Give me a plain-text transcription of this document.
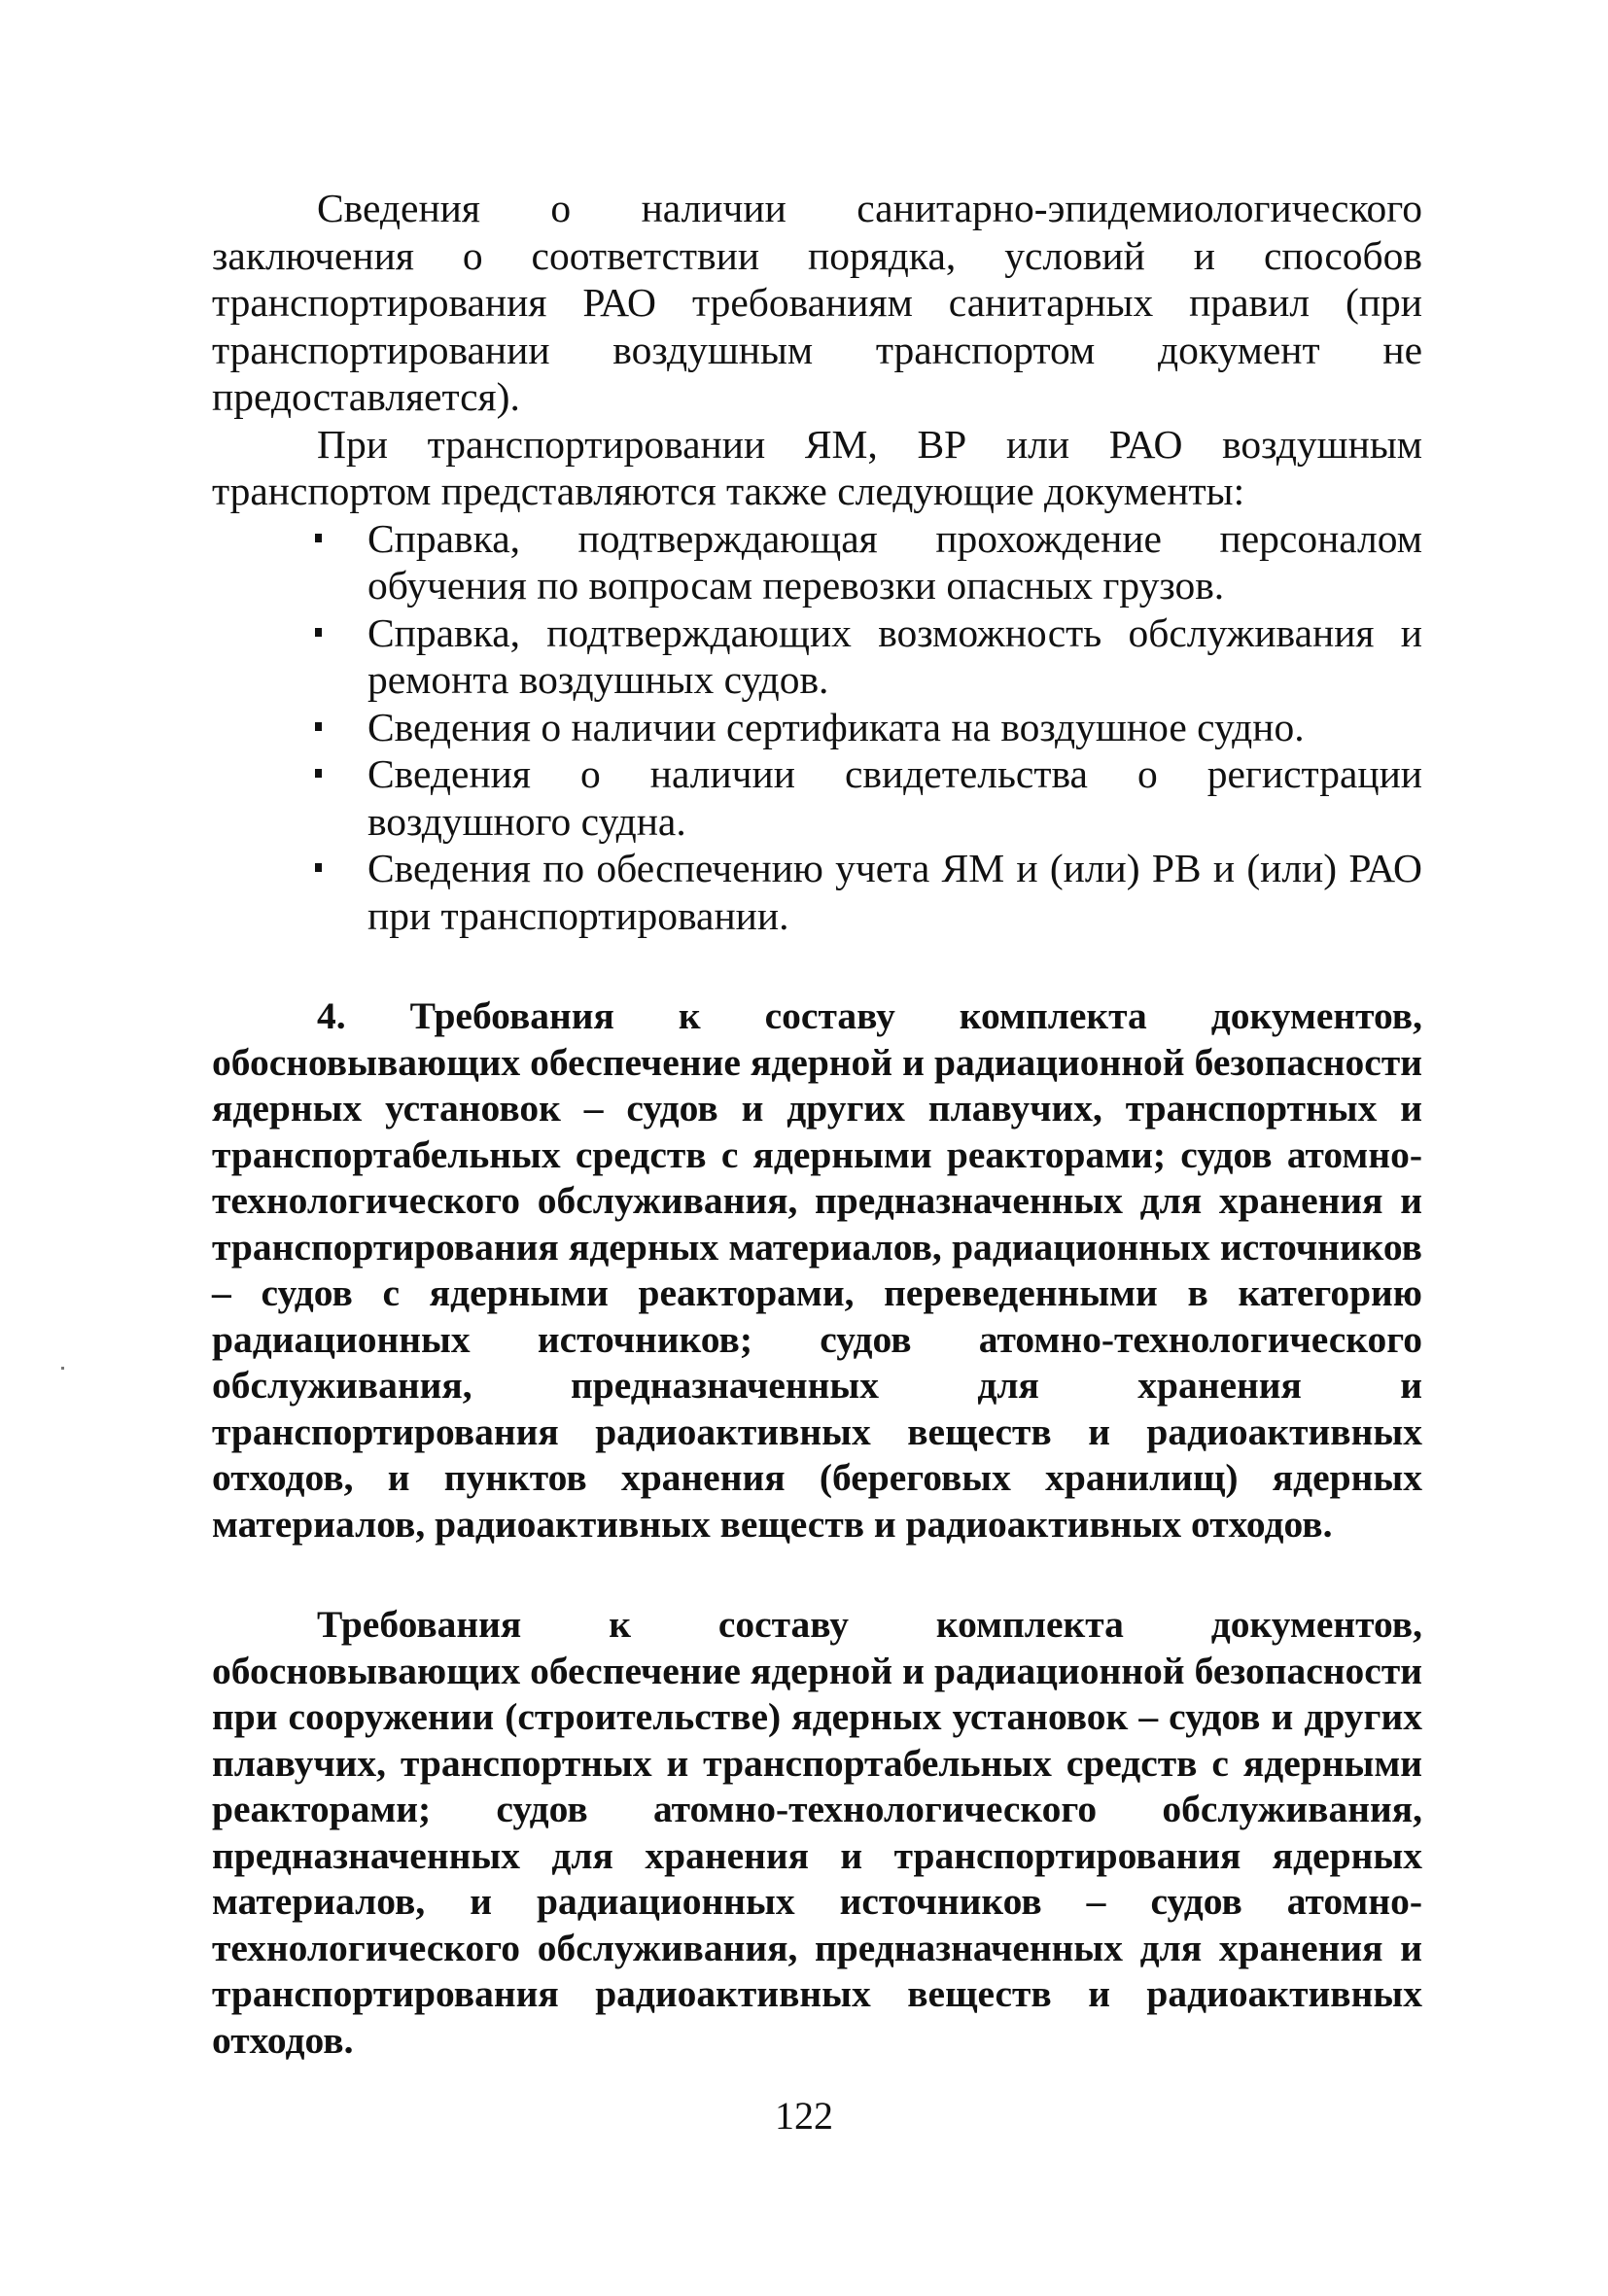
Сведения о наличии санитарно-эпидемиологического заключения о соответствии порядка, условий и способов транспортирования РАО требованиям санитарных правил (при транспортировании воздушным транспортом документ не предоставляется).

При транспортировании ЯМ, ВР или РАО воздушным транспортом представляются также следующие документы:

Справка, подтверждающая прохождение персоналом обучения по вопросам перевозки опасных грузов.
Справка, подтверждающих возможность обслуживания и ремонта воздушных судов.
Сведения о наличии сертификата на воздушное судно.
Сведения о наличии свидетельства о регистрации воздушного судна.
Сведения по обеспечению учета ЯМ и (или) РВ и (или) РАО при транспортировании.

4. Требования к составу комплекта документов, обосновывающих обеспечение ядерной и радиационной безопасности ядерных установок – судов и других плавучих, транспортных и транспортабельных средств с ядерными реакторами; судов атомно-технологического обслуживания, предназначенных для хранения и транспортирования ядерных материалов, радиационных источников – судов с ядерными реакторами, переведенными в категорию радиационных источников; судов атомно-технологического обслуживания, предназначенных для хранения и транспортирования радиоактивных веществ и радиоактивных отходов, и пунктов хранения (береговых хранилищ) ядерных материалов, радиоактивных веществ и радиоактивных отходов.

Требования к составу комплекта документов, обосновывающих обеспечение ядерной и радиационной безопасности при сооружении (строительстве) ядерных установок – судов и других плавучих, транспортных и транспортабельных средств с ядерными реакторами; судов атомно-технологического обслуживания, предназначенных для хранения и транспортирования ядерных материалов, и радиационных источников – судов атомно-технологического обслуживания, предназначенных для хранения и транспортирования радиоактивных веществ и радиоактивных отходов.

122
